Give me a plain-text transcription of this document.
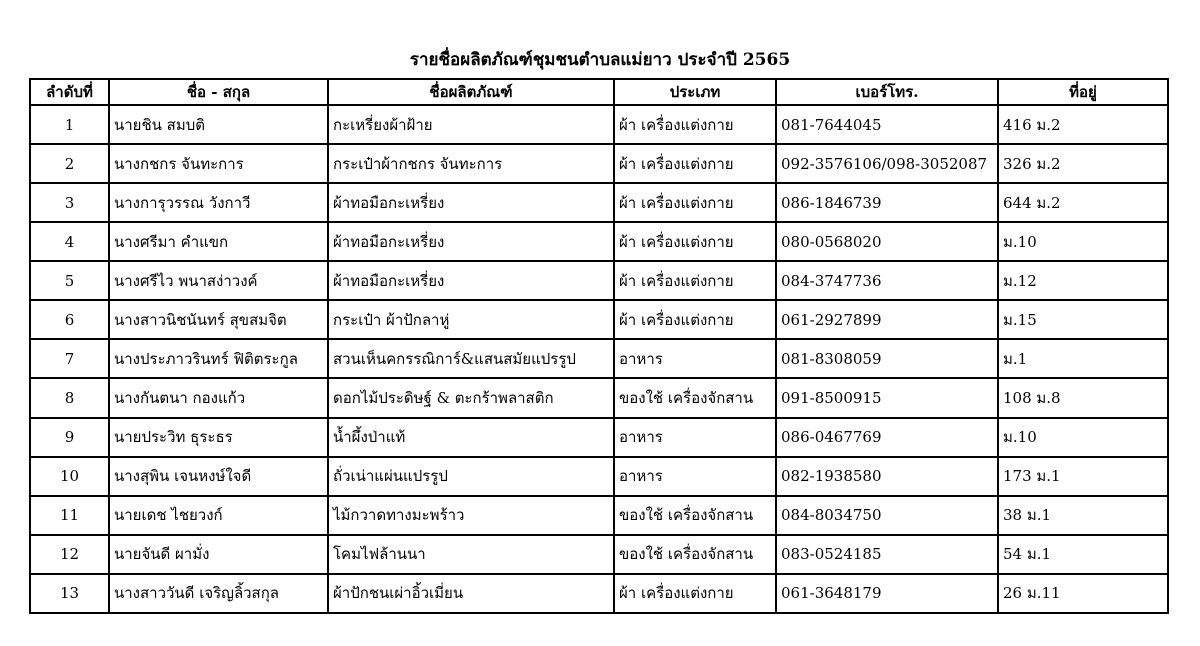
รายชื่อผลิตภัณฑ์ชุมชนตำบลแม่ยาว ประจำปี 2565
ลำดับที่	ชื่อ - สกุล	ชื่อผลิตภัณฑ์	ประเภท	เบอร์โทร.	ที่อยู่
1	นายชิน สมบติ	กะเหรี่ยงผ้าฝ้าย	ผ้า เครื่องแต่งกาย	081-7644045	416 ม.2
2	นางกชกร จันทะการ	กระเป๋าผ้ากชกร จันทะการ	ผ้า เครื่องแต่งกาย	092-3576106/098-3052087	326 ม.2
3	นางการุวรรณ วังกาวี	ผ้าทอมือกะเหรี่ยง	ผ้า เครื่องแต่งกาย	086-1846739	644 ม.2
4	นางศรีมา คำแขก	ผ้าทอมือกะเหรี่ยง	ผ้า เครื่องแต่งกาย	080-0568020	ม.10
5	นางศรีไว พนาสง่าวงค์	ผ้าทอมือกะเหรี่ยง	ผ้า เครื่องแต่งกาย	084-3747736	ม.12
6	นางสาวนิชนันทร์ สุขสมจิต	กระเป๋า ผ้าปักลาหู่	ผ้า เครื่องแต่งกาย	061-2927899	ม.15
7	นางประภาวรินทร์ ฟิติตระกูล	สวนเห็นคกรรณิการ์&แสนสมัยแปรรูป	อาหาร	081-8308059	ม.1
8	นางกันตนา กองแก้ว	ดอกไม้ประดิษฐ์ & ตะกร้าพลาสติก	ของใช้ เครื่องจักสาน	091-8500915	108 ม.8
9	นายประวิท ธุระธร	น้ำผึ้งป่าแท้	อาหาร	086-0467769	ม.10
10	นางสุพิน เจนหงษ์ใจดี	ถั่วเน่าแผ่นแปรรูป	อาหาร	082-1938580	173 ม.1
11	นายเดช ไชยวงก์	ไม้กวาดทางมะพร้าว	ของใช้ เครื่องจักสาน	084-8034750	38 ม.1
12	นายจันดี ผามั่ง	โคมไฟล้านนา	ของใช้ เครื่องจักสาน	083-0524185	54 ม.1
13	นางสาววันดี เจริญลิ้วสกุล	ผ้าปักชนเผ่าอิ้วเมี่ยน	ผ้า เครื่องแต่งกาย	061-3648179	26 ม.11
